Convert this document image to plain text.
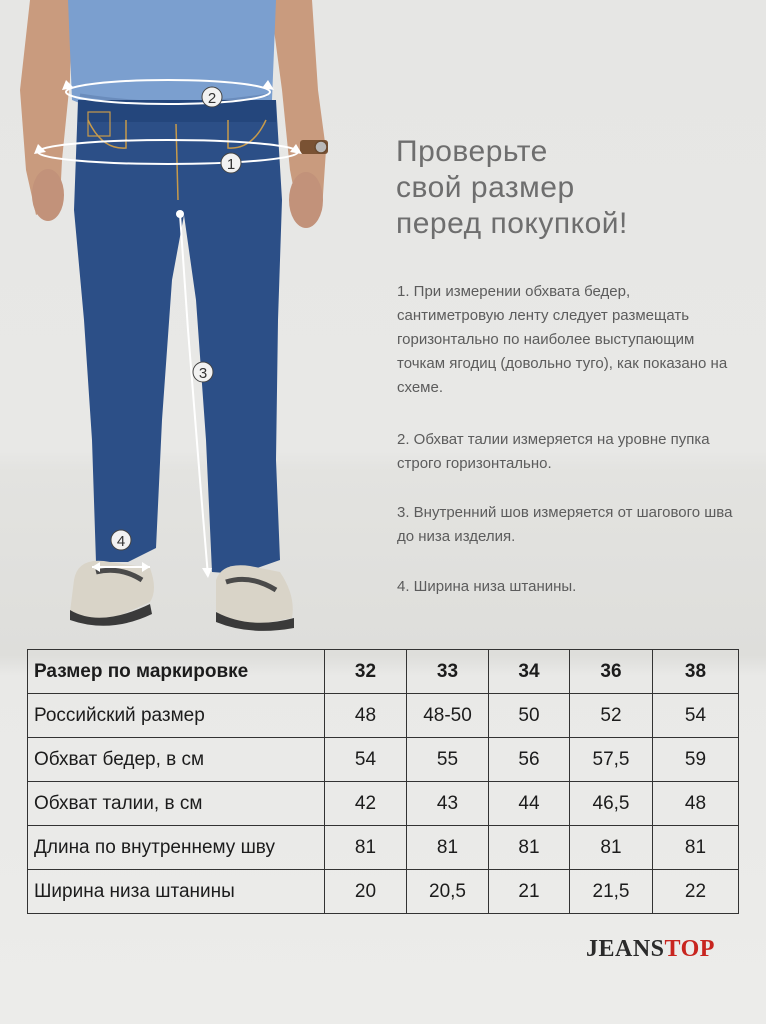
1
2
3
4
Проверьте
свой размер
перед покупкой!

1. При измерении обхвата бедер, сантиметровую ленту следует размещать горизонтально по наиболее выступающим точкам ягодиц (довольно туго), как показано на схеме.

2. Обхват талии измеряется на уровне пупка строго горизонтально.

3. Внутренний шов измеряется от шагового шва до низа изделия.

4. Ширина низа штанины.

Размер по маркировке	32	33	34	36	38
Российский размер	48	48-50	50	52	54
Обхват бедер, в см	54	55	56	57,5	59
Обхват талии, в см	42	43	44	46,5	48
Длина по внутреннему шву	81	81	81	81	81
Ширина низа штанины	20	20,5	21	21,5	22
JEANSTOP
